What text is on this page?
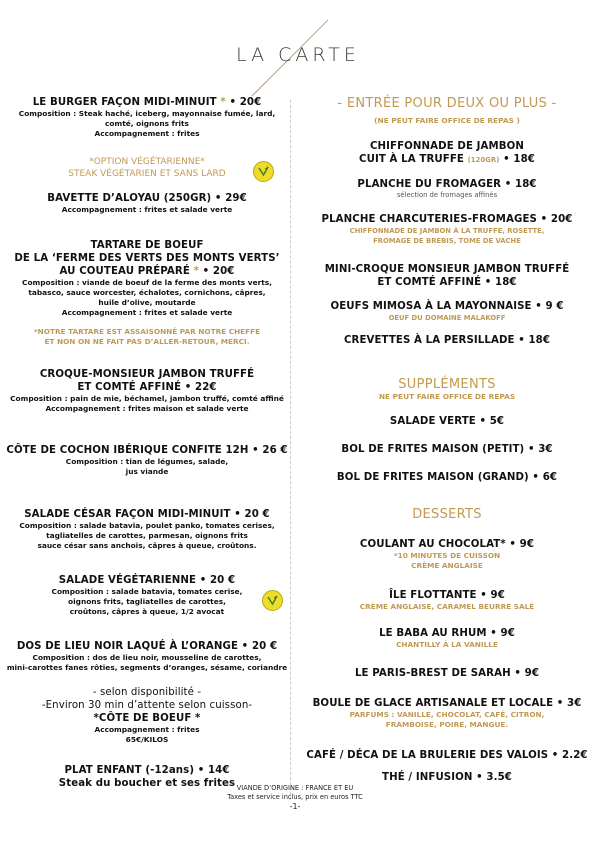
LA CARTE
LE BURGER FAÇON MIDI-MINUIT * • 20€
Composition : Steak haché, iceberg, mayonnaise fumée, lard,
comté, oignons frits
Accompagnement : frites
*OPTION VÉGÉTARIENNE*
STEAK VÉGÉTARIEN ET SANS LARD
BAVETTE D’ALOYAU (250GR) • 29€
Accompagnement : frites et salade verte
TARTARE DE BOEUF
DE LA ‘FERME DES VERTS DES MONTS VERTS’
AU COUTEAU PRÉPARÉ * • 20€
Composition : viande de boeuf de la ferme des monts verts,
tabasco, sauce worcester, échalotes, cornichons, câpres,
huile d’olive, moutarde
Accompagnement : frites et salade verte
*NOTRE TARTARE EST ASSAISONNÉ PAR NOTRE CHEFFE
ET NON ON NE FAIT PAS D’ALLER-RETOUR, MERCI.
CROQUE-MONSIEUR JAMBON TRUFFÉ
ET COMTÉ AFFINÉ • 22€
Composition : pain de mie, béchamel, jambon truffé, comté affiné
Accompagnement : frites maison et salade verte
CÔTE DE COCHON IBÉRIQUE CONFITE 12H • 26 €
Composition : tian de légumes, salade,
jus viande
SALADE CÉSAR FAÇON MIDI-MINUIT • 20 €
Composition : salade batavia, poulet panko, tomates cerises,
tagliatelles de carottes, parmesan, oignons frits
sauce césar sans anchois, câpres à queue, croûtons.
SALADE VÉGÉTARIENNE • 20 €
Composition : salade batavia, tomates cerise,
oignons frits, tagliatelles de carottes,
croûtons, câpres à queue, 1/2 avocat
DOS DE LIEU NOIR LAQUÉ À L’ORANGE • 20 €
Composition : dos de lieu noir, mousseline de carottes,
mini-carottes fanes rôties, segments d’oranges, sésame, coriandre
- selon disponibilité -
-Environ 30 min d’attente selon cuisson-
*CÔTE DE BOEUF *
Accompagnement : frites
65€/KILOS
PLAT ENFANT (-12ans) • 14€
Steak du boucher et ses frites
- ENTRÉE POUR DEUX OU PLUS -
(NE PEUT FAIRE OFFICE DE REPAS )
CHIFFONNADE DE JAMBON
CUIT À LA TRUFFE (120GR) • 18€
PLANCHE DU FROMAGER • 18€
sélection de fromages affinés
PLANCHE CHARCUTERIES-FROMAGES • 20€
CHIFFONNADE DE JAMBON À LA TRUFFE, ROSETTE,
FROMAGE DE BREBIS, TOME DE VACHE
MINI-CROQUE MONSIEUR JAMBON TRUFFÉ
ET COMTÉ AFFINÉ • 18€
OEUFS MIMOSA À LA MAYONNAISE • 9 €
OEUF DU DOMAINE MALAKOFF
CREVETTES À LA PERSILLADE • 18€
SUPPLÉMENTS
NE PEUT FAIRE OFFICE DE REPAS
SALADE VERTE • 5€
BOL DE FRITES MAISON (PETIT) • 3€
BOL DE FRITES MAISON (GRAND) • 6€
DESSERTS
COULANT AU CHOCOLAT* • 9€
*10 MINUTES DE CUISSON
CRÈME ANGLAISE
ÎLE FLOTTANTE • 9€
CRÈME ANGLAISE, CARAMEL BEURRE SALÉ
LE BABA AU RHUM • 9€
CHANTILLY À LA VANILLE
LE PARIS-BREST DE SARAH • 9€
BOULE DE GLACE ARTISANALE ET LOCALE • 3€
PARFUMS : VANILLE, CHOCOLAT, CAFÉ, CITRON,
FRAMBOISE, POIRE, MANGUE.
CAFÉ / DÉCA DE LA BRULERIE DES VALOIS • 2.2€
THÉ / INFUSION • 3.5€
VIANDE D’ORIGINE : FRANCE ET EU
Taxes et service inclus, prix en euros TTC
-1-
